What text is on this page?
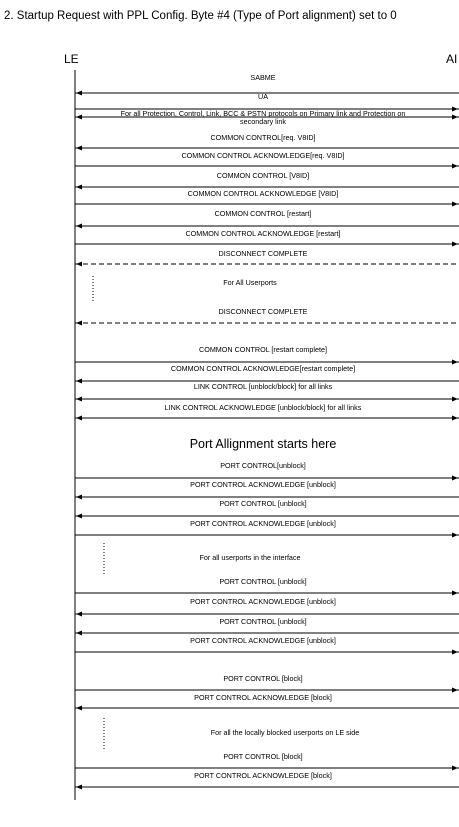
2. Startup Request with PPL Config. Byte #4 (Type of Port alignment) set to 0
LE	AI
SABME
UA
For all Protection, Control, Link, BCC & PSTN protocols on Primary link and Protection on secondary link
COMMON CONTROL[req. V8ID]
COMMON CONTROL ACKNOWLEDGE[req. V8ID]
COMMON CONTROL [V8ID]
COMMON CONTROL ACKNOWLEDGE [V8ID]
COMMON CONTROL [restart]
COMMON CONTROL ACKNOWLEDGE [restart]
DISCONNECT COMPLETE
For All Userports
DISCONNECT COMPLETE
COMMON CONTROL [restart complete]
COMMON CONTROL ACKNOWLEDGE[restart complete]
LINK CONTROL [unblock/block] for all links
LINK CONTROL ACKNOWLEDGE [unblock/block] for all links
Port Allignment starts here
PORT CONTROL[unblock]
PORT CONTROL ACKNOWLEDGE [unblock]
PORT CONTROL [unblock]
PORT CONTROL ACKNOWLEDGE [unblock]
For all userports in the interface
PORT CONTROL [unblock]
PORT CONTROL ACKNOWLEDGE [unblock]
PORT CONTROL [unblock]
PORT CONTROL ACKNOWLEDGE [unblock]
PORT CONTROL [block]
PORT CONTROL ACKNOWLEDGE [block]
For all the locally blocked userports on LE side
PORT CONTROL [block]
PORT CONTROL ACKNOWLEDGE [block]
